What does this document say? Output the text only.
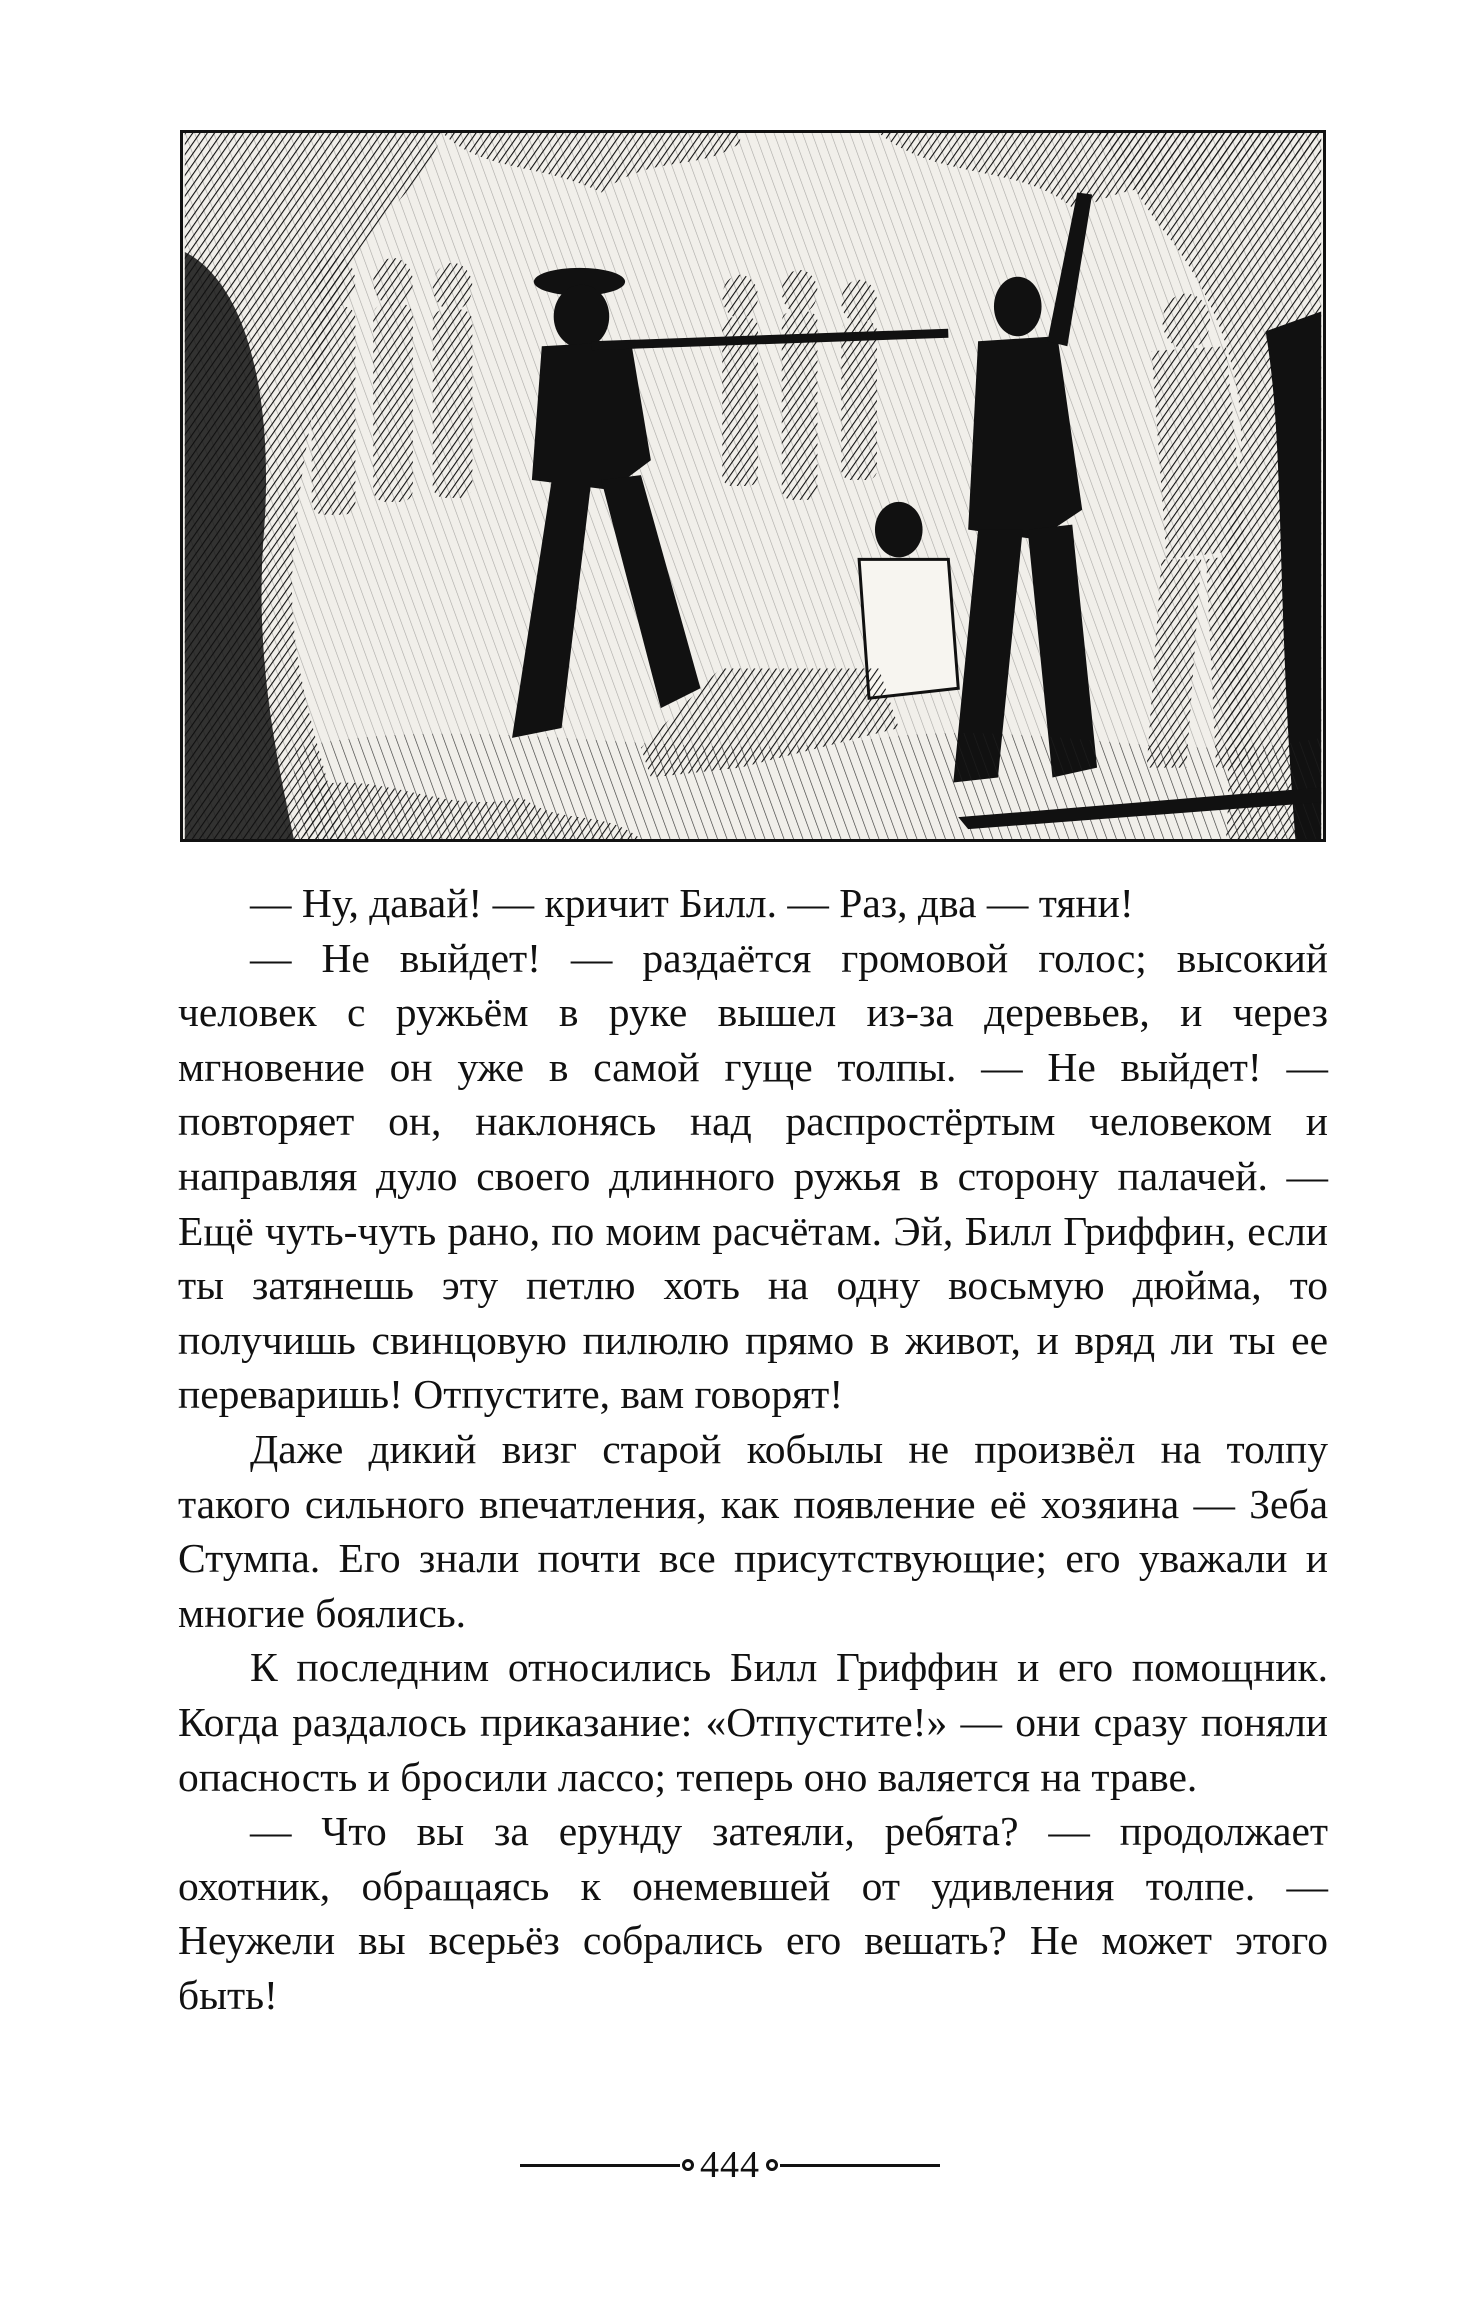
— Ну, давай! — кричит Билл. — Раз, два — тяни!

— Не выйдет! — раздаётся громовой голос; высокий человек с ружьём в руке вышел из-за деревьев, и через мгновение он уже в самой гуще толпы. — Не выйдет! — повторяет он, наклонясь над распростёртым человеком и направляя дуло своего длинного ружья в сторону палачей. — Ещё чуть-чуть рано, по моим расчётам. Эй, Билл Гриффин, если ты затянешь эту петлю хоть на одну восьмую дюйма, то получишь свинцовую пилюлю прямо в живот, и вряд ли ты ее переваришь! Отпустите, вам говорят!

Даже дикий визг старой кобылы не произвёл на толпу такого сильного впечатления, как появление её хозяина — Зеба Стумпа. Его знали почти все присутствующие; его уважали и многие боялись.

К последним относились Билл Гриффин и его помощник. Когда раздалось приказание: «Отпустите!» — они сразу поняли опасность и бросили лассо; теперь оно валяется на траве.

— Что вы за ерунду затеяли, ребята? — продолжает охотник, обращаясь к онемевшей от удивления толпе. — Неужели вы всерьёз собрались его вешать? Не может этого быть!

444
